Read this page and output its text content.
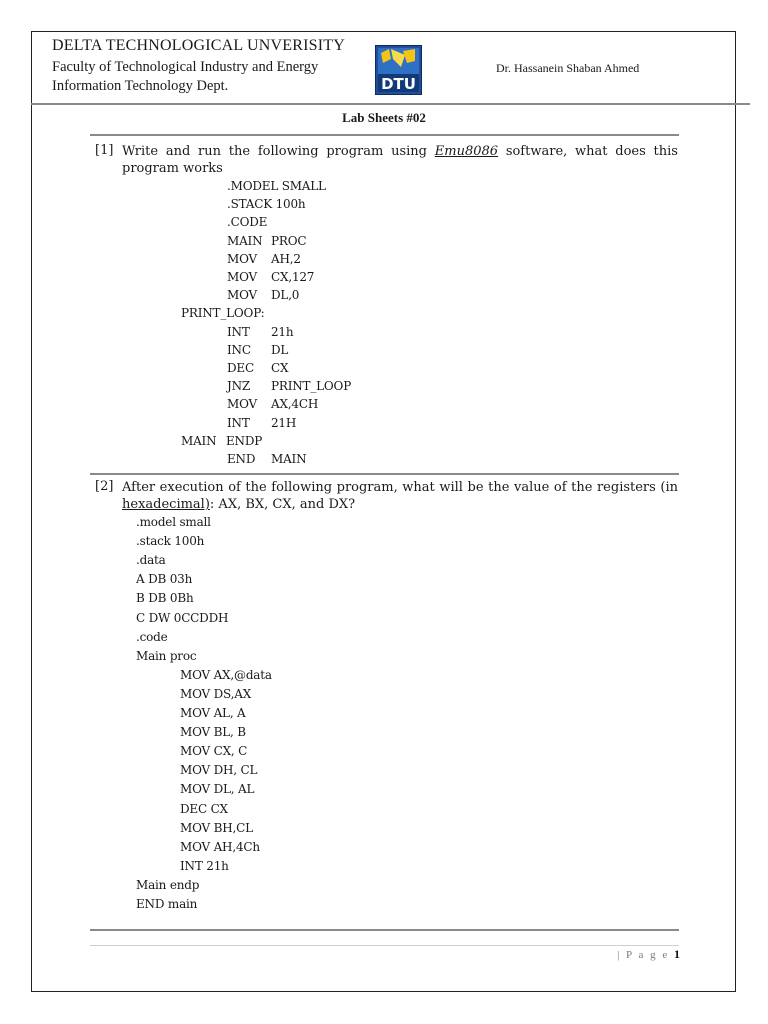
DELTA TECHNOLOGICAL UNVERISITY
Faculty of Technological Industry and Energy
Information Technology Dept.	DTU
Dr. Hassanein Shaban Ahmed
Lab Sheets #02
[1] Write and run the following program using Emu8086 software, what does this program works
.MODEL SMALL
.STACK 100h
.CODE
MAIN PROC
MOV AH,2
MOV CX,127
MOV DL,0
PRINT_LOOP:
INT 21h
INC DL
DEC CX
JNZ PRINT_LOOP
MOV AX,4CH
INT 21H
MAIN ENDP
END MAIN
[2] After execution of the following program, what will be the value of the registers (in hexadecimal): AX, BX, CX, and DX?
.model small
.stack 100h
.data
A DB 03h
B DB 0Bh
C DW 0CCDDH
.code
Main proc
MOV AX,@data
MOV DS,AX
MOV AL, A
MOV BL, B
MOV CX, C
MOV DH, CL
MOV DL, AL
DEC CX
MOV BH,CL
MOV AH,4Ch
INT 21h
Main endp
END main
| P a g e 1
